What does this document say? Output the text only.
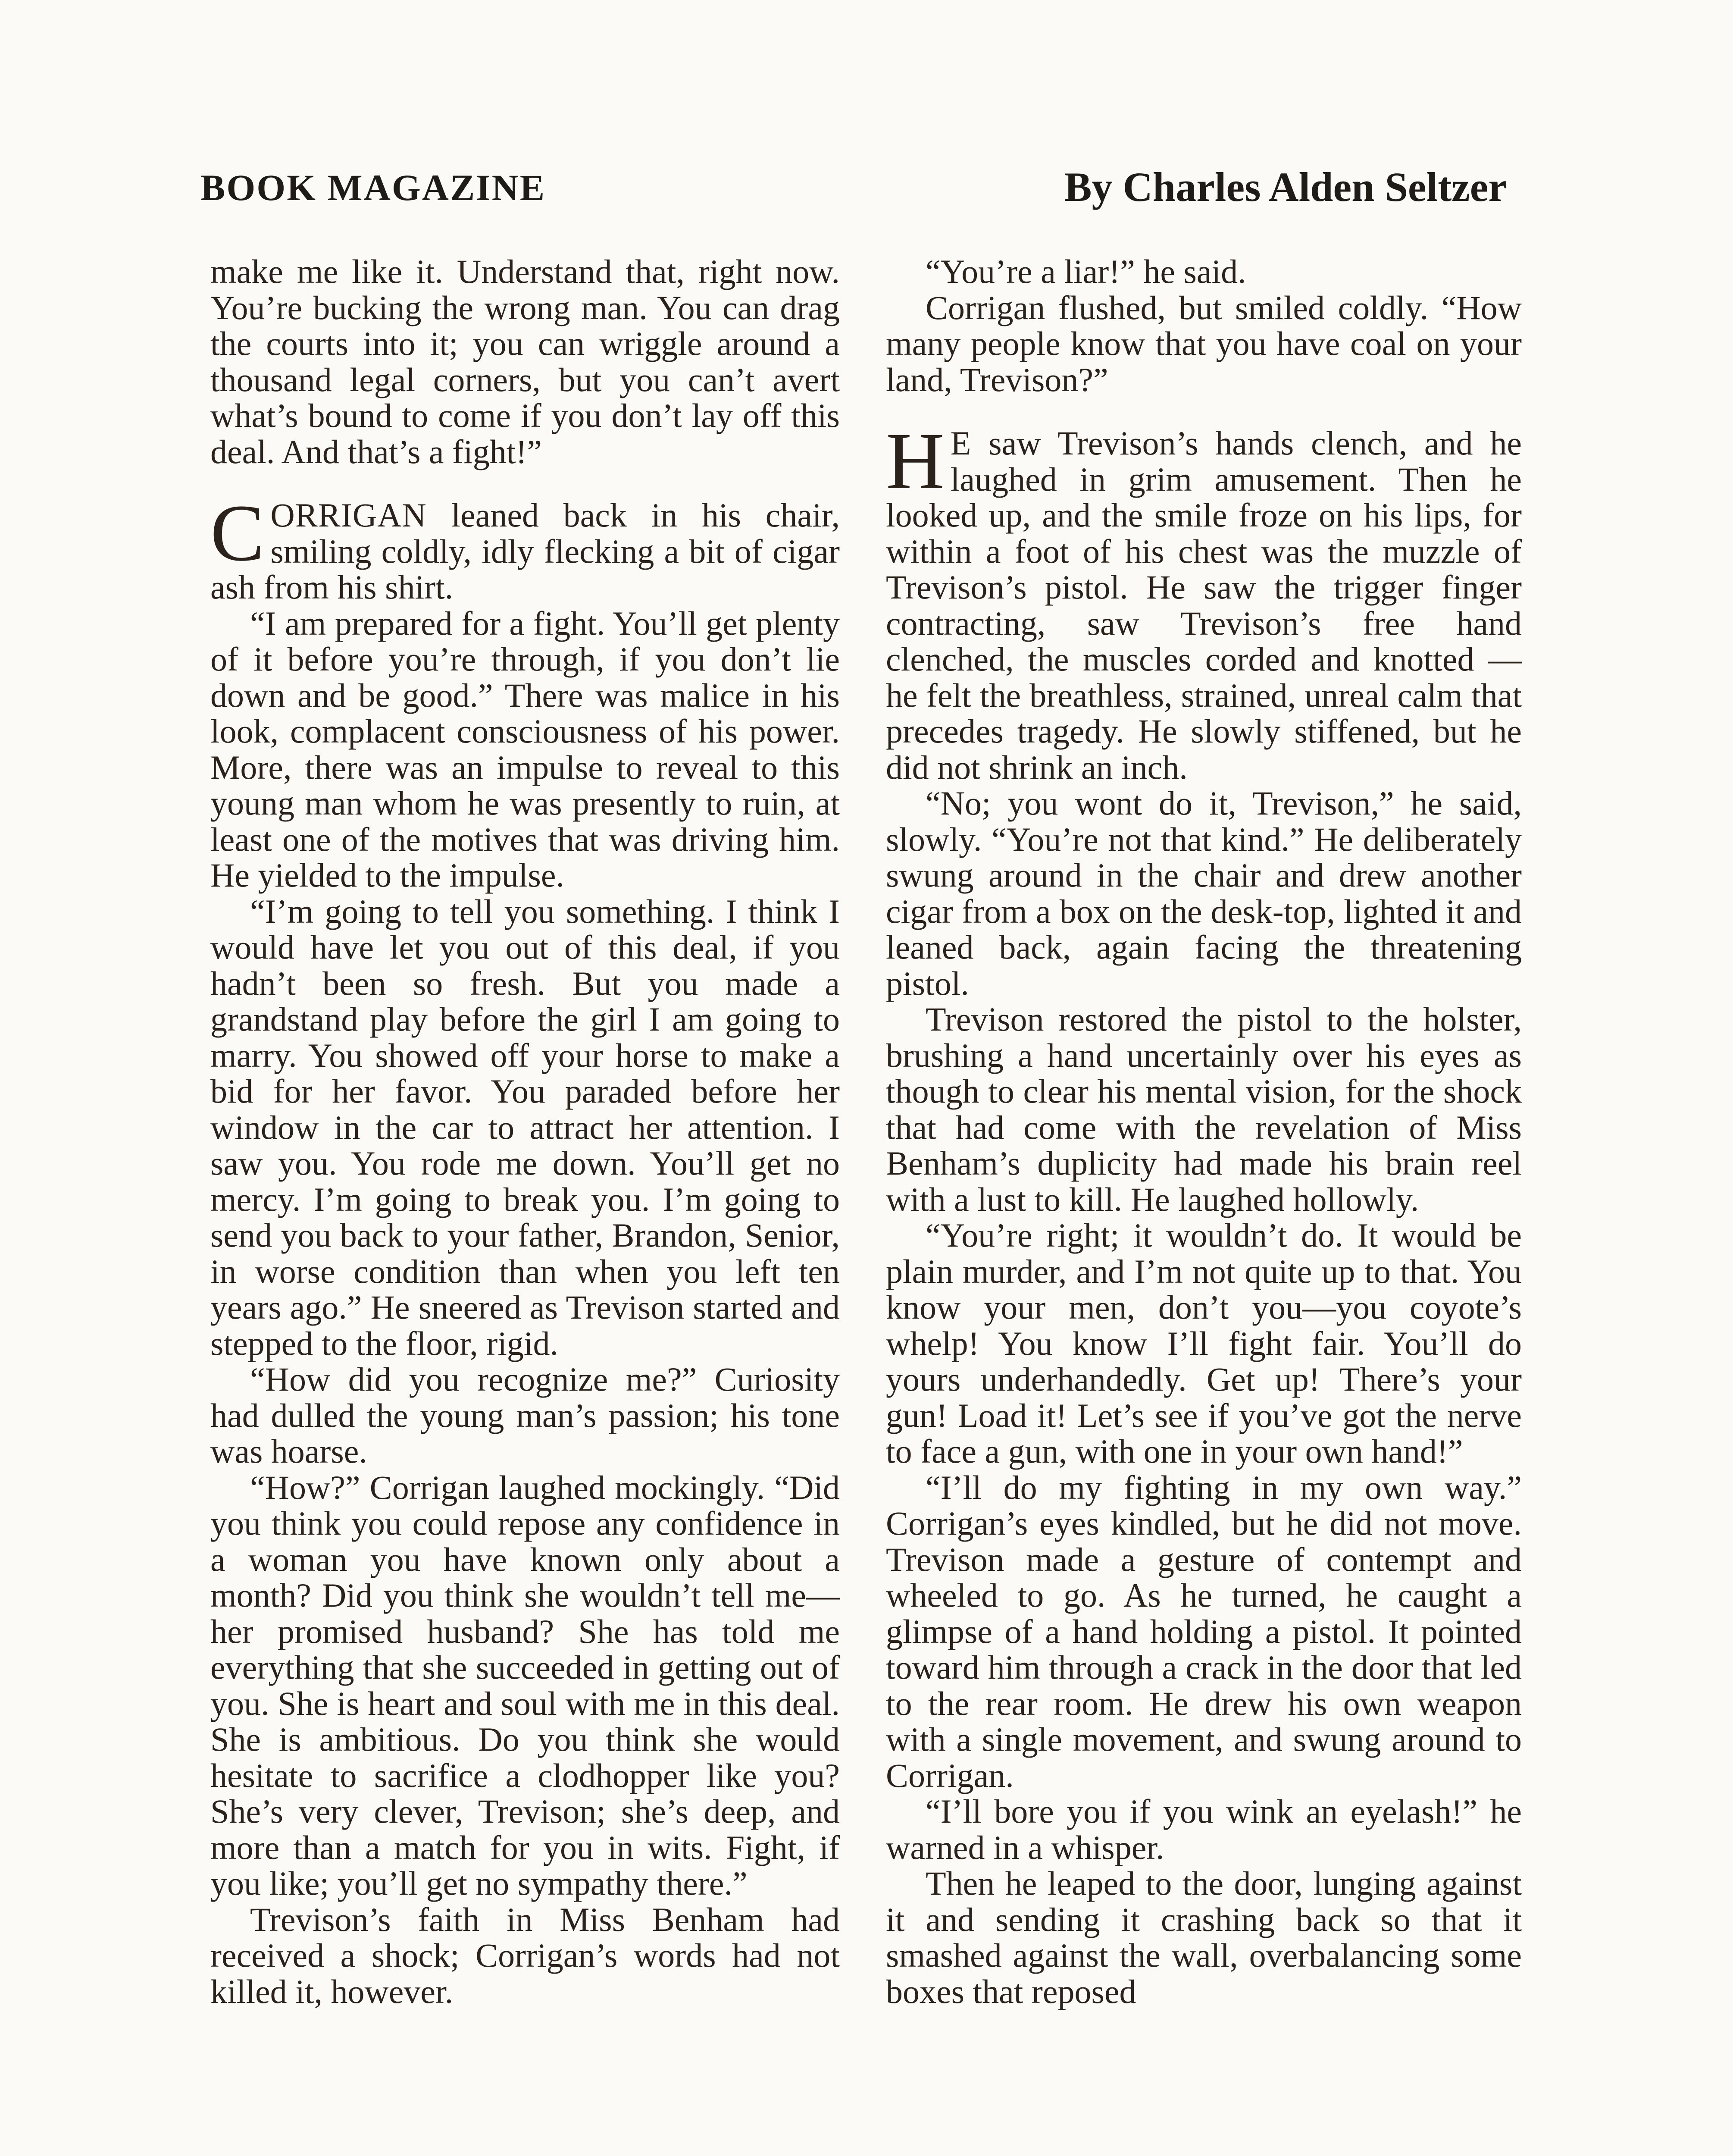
BOOK MAGAZINE	By Charles Alden Seltzer

make me like it. Understand that, right now. You’re bucking the wrong man. You can drag the courts into it; you can wriggle around a thousand legal corners, but you can’t avert what’s bound to come if you don’t lay off this deal. And that’s a fight!”

CORRIGAN leaned back in his chair, smiling coldly, idly flecking a bit of cigar ash from his shirt.

“I am prepared for a fight. You’ll get plenty of it before you’re through, if you don’t lie down and be good.” There was malice in his look, complacent consciousness of his power. More, there was an impulse to reveal to this young man whom he was presently to ruin, at least one of the motives that was driving him. He yielded to the impulse.

“I’m going to tell you something. I think I would have let you out of this deal, if you hadn’t been so fresh. But you made a grandstand play before the girl I am going to marry. You showed off your horse to make a bid for her favor. You paraded before her window in the car to attract her attention. I saw you. You rode me down. You’ll get no mercy. I’m going to break you. I’m going to send you back to your father, Brandon, Senior, in worse condition than when you left ten years ago.” He sneered as Trevison started and stepped to the floor, rigid.

“How did you recognize me?” Curiosity had dulled the young man’s passion; his tone was hoarse.

“How?” Corrigan laughed mockingly. “Did you think you could repose any confidence in a woman you have known only about a month? Did you think she wouldn’t tell me—her promised husband? She has told me everything that she succeeded in getting out of you. She is heart and soul with me in this deal. She is ambitious. Do you think she would hesitate to sacrifice a clodhopper like you? She’s very clever, Trevison; she’s deep, and more than a match for you in wits. Fight, if you like; you’ll get no sympathy there.”

Trevison’s faith in Miss Benham had received a shock; Corrigan’s words had not killed it, however.

“You’re a liar!” he said.

Corrigan flushed, but smiled coldly. “How many people know that you have coal on your land, Trevison?”

H E saw Trevison’s hands clench, and he laughed in grim amusement. Then he looked up, and the smile froze on his lips, for within a foot of his chest was the muzzle of Trevison’s pistol. He saw the trigger finger contracting, saw Trevison’s free hand clenched, the muscles corded and knotted — he felt the breathless, strained, unreal calm that precedes tragedy. He slowly stiffened, but he did not shrink an inch.

“No; you wont do it, Trevison,” he said, slowly. “You’re not that kind.” He deliberately swung around in the chair and drew another cigar from a box on the desk-top, lighted it and leaned back, again facing the threatening pistol.

Trevison restored the pistol to the holster, brushing a hand uncertainly over his eyes as though to clear his mental vision, for the shock that had come with the revelation of Miss Benham’s duplicity had made his brain reel with a lust to kill. He laughed hollowly.

“You’re right; it wouldn’t do. It would be plain murder, and I’m not quite up to that. You know your men, don’t you—you coyote’s whelp! You know I’ll fight fair. You’ll do yours underhandedly. Get up! There’s your gun! Load it! Let’s see if you’ve got the nerve to face a gun, with one in your own hand!”

“I’ll do my fighting in my own way.” Corrigan’s eyes kindled, but he did not move. Trevison made a gesture of contempt and wheeled to go. As he turned, he caught a glimpse of a hand holding a pistol. It pointed toward him through a crack in the door that led to the rear room. He drew his own weapon with a single movement, and swung around to Corrigan.

“I’ll bore you if you wink an eyelash!” he warned in a whisper.

Then he leaped to the door, lunging against it and sending it crashing back so that it smashed against the wall, overbalancing some boxes that reposed
